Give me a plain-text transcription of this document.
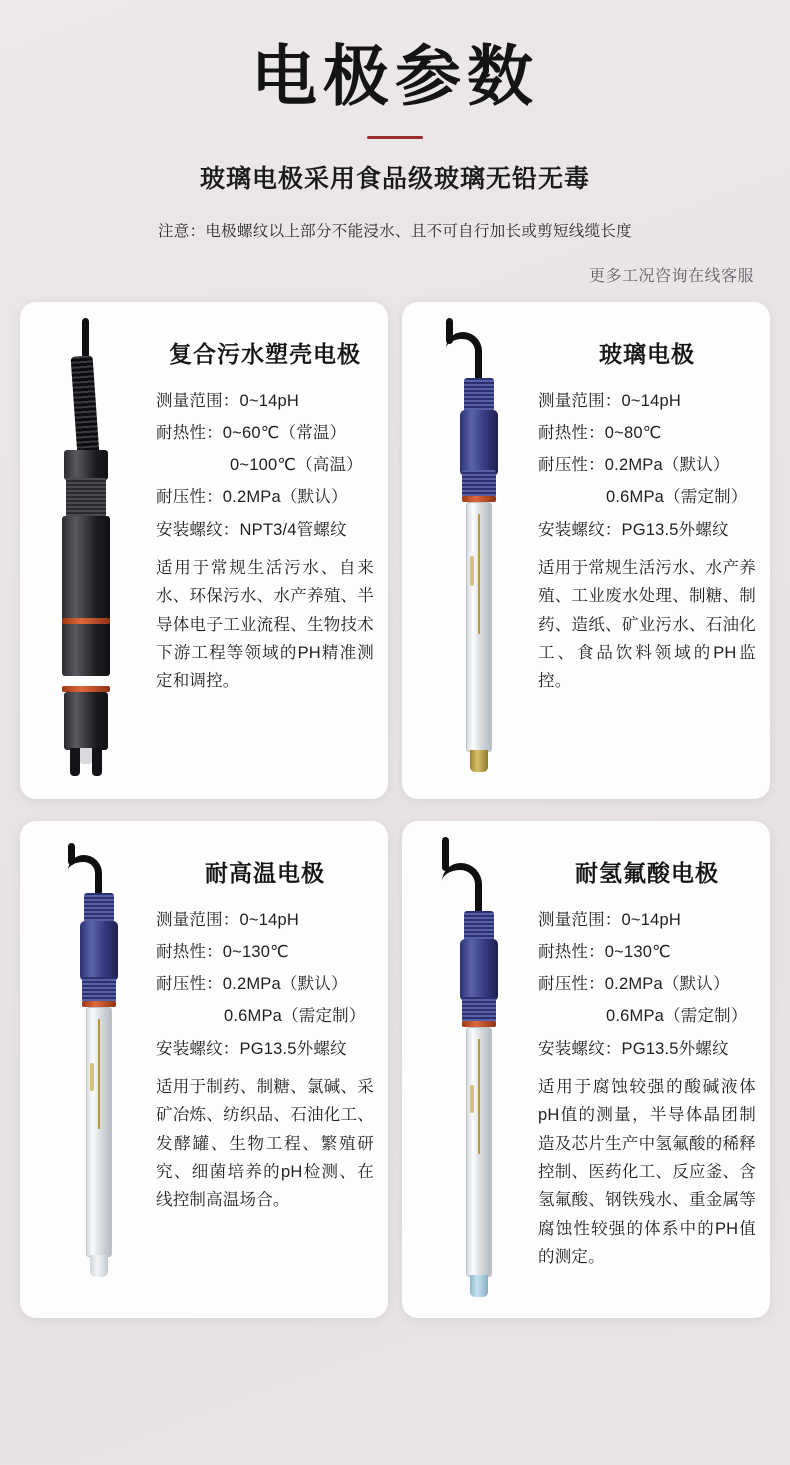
电极参数
玻璃电极采用食品级玻璃无铅无毒

注意：电极螺纹以上部分不能浸水、且不可自行加长或剪短线缆长度

更多工况咨询在线客服

复合污水塑壳电极
测量范围：0~14pH
耐热性：0~60℃（常温）
0~100℃（高温）
耐压性：0.2MPa（默认）
安装螺纹：NPT3/4管螺纹
适用于常规生活污水、自来水、环保污水、水产养殖、半导体电子工业流程、生物技术下游工程等领域的PH精准测定和调控。
玻璃电极
测量范围：0~14pH
耐热性：0~80℃
耐压性：0.2MPa（默认）
0.6MPa（需定制）
安装螺纹：PG13.5外螺纹
适用于常规生活污水、水产养殖、工业废水处理、制糖、制药、造纸、矿业污水、石油化工、食品饮料领域的PH监控。
耐高温电极
测量范围：0~14pH
耐热性：0~130℃
耐压性：0.2MPa（默认）
0.6MPa（需定制）
安装螺纹：PG13.5外螺纹
适用于制药、制糖、氯碱、采矿冶炼、纺织品、石油化工、发酵罐、生物工程、繁殖研究、细菌培养的pH检测、在线控制高温场合。
耐氢氟酸电极
测量范围：0~14pH
耐热性：0~130℃
耐压性：0.2MPa（默认）
0.6MPa（需定制）
安装螺纹：PG13.5外螺纹
适用于腐蚀较强的酸碱液体pH值的测量，半导体晶团制造及芯片生产中氢氟酸的稀释控制、医药化工、反应釜、含氢氟酸、钢铁残水、重金属等腐蚀性较强的体系中的PH值的测定。
